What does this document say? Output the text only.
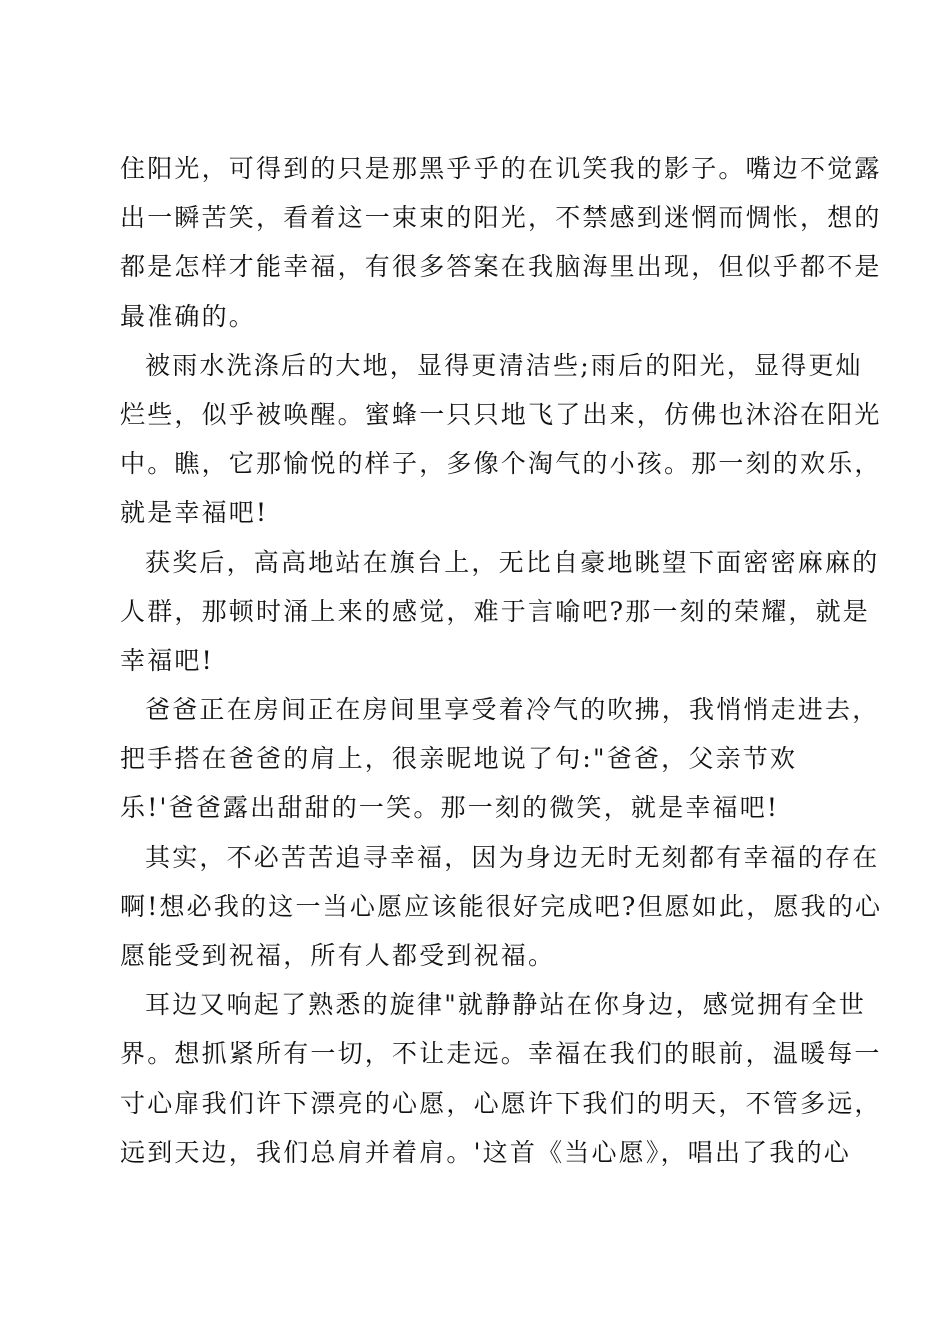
住阳光，可得到的只是那黑乎乎的在讥笑我的影子。嘴边不觉露
出一瞬苦笑，看着这一束束的阳光，不禁感到迷惘而惆怅，想的
都是怎样才能幸福，有很多答案在我脑海里出现，但似乎都不是
最准确的。
被雨水洗涤后的大地，显得更清洁些;雨后的阳光，显得更灿
烂些，似乎被唤醒。蜜蜂一只只地飞了出来，仿佛也沐浴在阳光
中。瞧，它那愉悦的样子，多像个淘气的小孩。那一刻的欢乐，
就是幸福吧!
获奖后，高高地站在旗台上，无比自豪地眺望下面密密麻麻的
人群，那顿时涌上来的感觉，难于言喻吧?那一刻的荣耀，就是
幸福吧!
爸爸正在房间正在房间里享受着冷气的吹拂，我悄悄走进去，
把手搭在爸爸的肩上，很亲昵地说了句:"爸爸，父亲节欢
乐!'爸爸露出甜甜的一笑。那一刻的微笑，就是幸福吧!
其实，不必苦苦追寻幸福，因为身边无时无刻都有幸福的存在
啊!想必我的这一当心愿应该能很好完成吧?但愿如此，愿我的心
愿能受到祝福，所有人都受到祝福。
耳边又响起了熟悉的旋律"就静静站在你身边，感觉拥有全世
界。想抓紧所有一切，不让走远。幸福在我们的眼前，温暖每一
寸心扉我们许下漂亮的心愿，心愿许下我们的明天，不管多远，
远到天边，我们总肩并着肩。'这首《当心愿》，唱出了我的心
